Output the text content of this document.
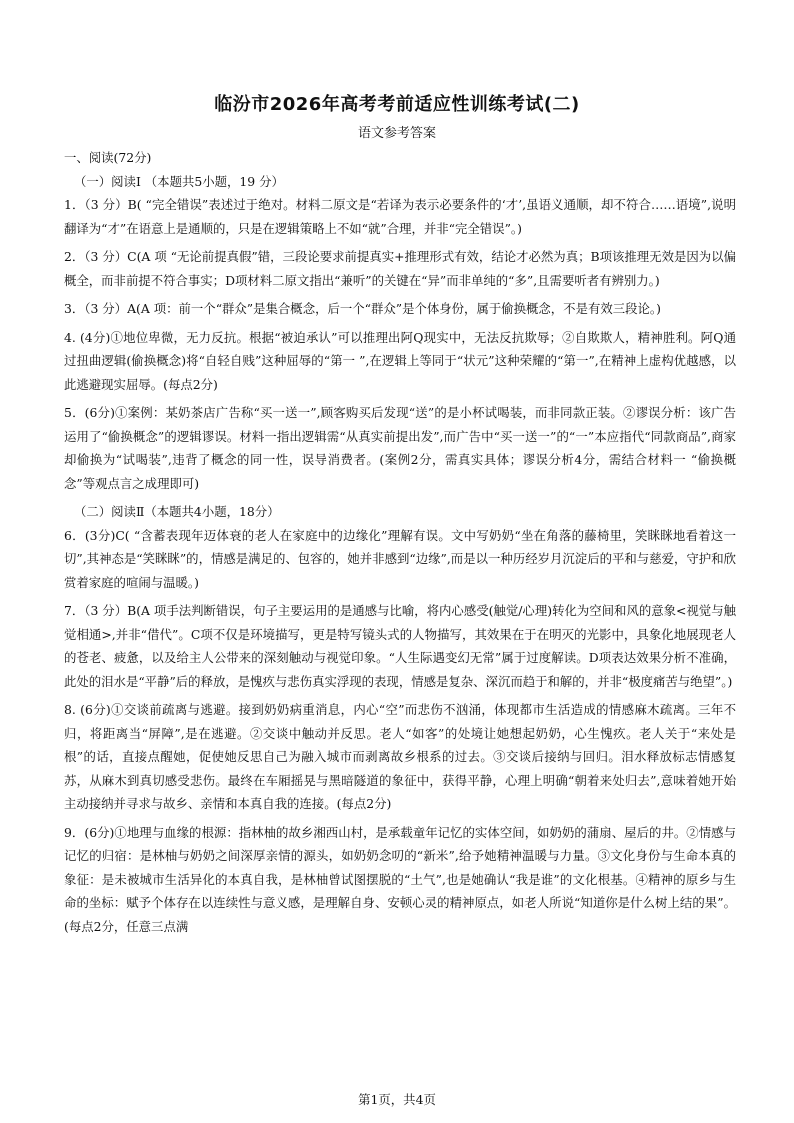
临汾市2026年高考考前适应性训练考试(二)
语文参考答案

一、阅读(72分)

（一）阅读I （本题共5小题，19 分）

1．（3 分）B( “完全错误”表述过于绝对。材料二原文是“若译为表示必要条件的‘才’,虽语义通顺，却不符合……语境”,说明翻译为“才”在语意上是通顺的，只是在逻辑策略上不如“就”合理，并非“完全错误”。)

2．（3 分）C(A 项 “无论前提真假”错，三段论要求前提真实+推理形式有效，结论才必然为真；B项该推理无效是因为以偏概全，而非前提不符合事实；D项材料二原文指出“兼听”的关键在“异”而非单纯的“多”,且需要听者有辨别力。)

3．（3 分）A(A 项：前一个“群众”是集合概念，后一个“群众”是个体身份，属于偷换概念，不是有效三段论。)

4. (4分)①地位卑微，无力反抗。根据“被迫承认”可以推理出阿Q现实中，无法反抗欺辱；②自欺欺人，精神胜利。阿Q通过扭曲逻辑(偷换概念)将“自轻自贱”这种屈辱的“第一 ”,在逻辑上等同于“状元”这种荣耀的“第一”,在精神上虚构优越感，以此逃避现实屈辱。(每点2分)

5．(6分)①案例：某奶茶店广告称“买一送一”,顾客购买后发现“送”的是小杯试喝装，而非同款正装。②谬误分析：该广告运用了“偷换概念”的逻辑谬误。材料一指出逻辑需“从真实前提出发”,而广告中“买一送一”的“一”本应指代“同款商品”,商家却偷换为“试喝装”,违背了概念的同一性，误导消费者。(案例2分，需真实具体；谬误分析4分，需结合材料一 “偷换概念”等观点言之成理即可)

（二）阅读Ⅱ（本题共4小题，18分）

6．(3分)C( “含蓄表现年迈体衰的老人在家庭中的边缘化”理解有误。文中写奶奶“坐在角落的藤椅里，笑眯眯地看着这一切”,其神态是“笑眯眯”的，情感是满足的、包容的，她并非感到“边缘”,而是以一种历经岁月沉淀后的平和与慈爱，守护和欣赏着家庭的喧闹与温暖。)

7．（3 分）B(A 项手法判断错误，句子主要运用的是通感与比喻，将内心感受(触觉/心理)转化为空间和风的意象<视觉与触觉相通>,并非“借代”。C项不仅是环境描写，更是特写镜头式的人物描写，其效果在于在明灭的光影中，具象化地展现老人的苍老、疲惫，以及给主人公带来的深刻触动与视觉印象。“人生际遇变幻无常”属于过度解读。D项表达效果分析不准确，此处的泪水是“平静”后的释放，是愧疚与悲伤真实浮现的表现，情感是复杂、深沉而趋于和解的，并非“极度痛苦与绝望”。)

8. (6分)①交谈前疏离与逃避。接到奶奶病重消息，内心“空”而悲伤不汹涌，体现都市生活造成的情感麻木疏离。三年不归，将距离当“屏障”,是在逃避。②交谈中触动并反思。老人“如客”的处境让她想起奶奶，心生愧疚。老人关于“来处是根”的话，直接点醒她，促使她反思自己为融入城市而剥离故乡根系的过去。③交谈后接纳与回归。泪水释放标志情感复苏，从麻木到真切感受悲伤。最终在车厢摇晃与黑暗隧道的象征中，获得平静，心理上明确“朝着来处归去”,意味着她开始主动接纳并寻求与故乡、亲情和本真自我的连接。(每点2分)

9．(6分)①地理与血缘的根源：指林柚的故乡湘西山村，是承载童年记忆的实体空间，如奶奶的蒲扇、屋后的井。②情感与记忆的归宿：是林柚与奶奶之间深厚亲情的源头，如奶奶念叨的“新米”,给予她精神温暖与力量。③文化身份与生命本真的象征：是未被城市生活异化的本真自我，是林柚曾试图摆脱的“土气”,也是她确认“我是谁”的文化根基。④精神的原乡与生命的坐标：赋予个体存在以连续性与意义感，是理解自身、安顿心灵的精神原点，如老人所说“知道你是什么树上结的果”。(每点2分，任意三点满

第1页，共4页
